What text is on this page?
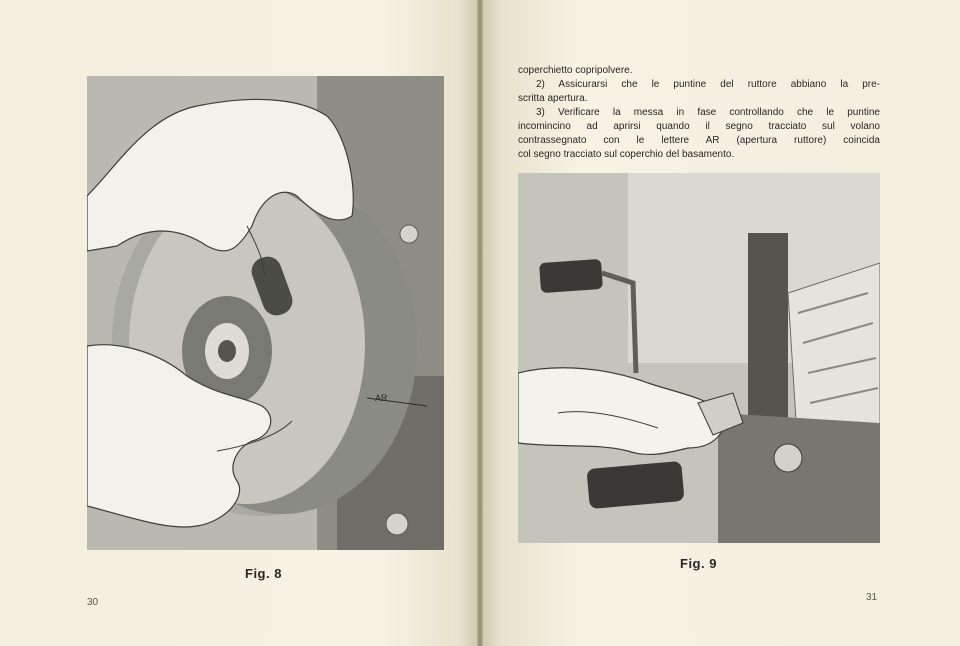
AR
Fig. 8
30

coperchietto copripolvere.

2) Assicurarsi che le puntine del ruttore abbiano la pre-

scritta apertura.

3) Verificare la messa in fase controllando che le puntine

incomincino ad aprirsi quando il segno tracciato sul volano

contrassegnato con le lettere AR (apertura ruttore) coincida

col segno tracciato sul coperchio del basamento.

Fig. 9
31
